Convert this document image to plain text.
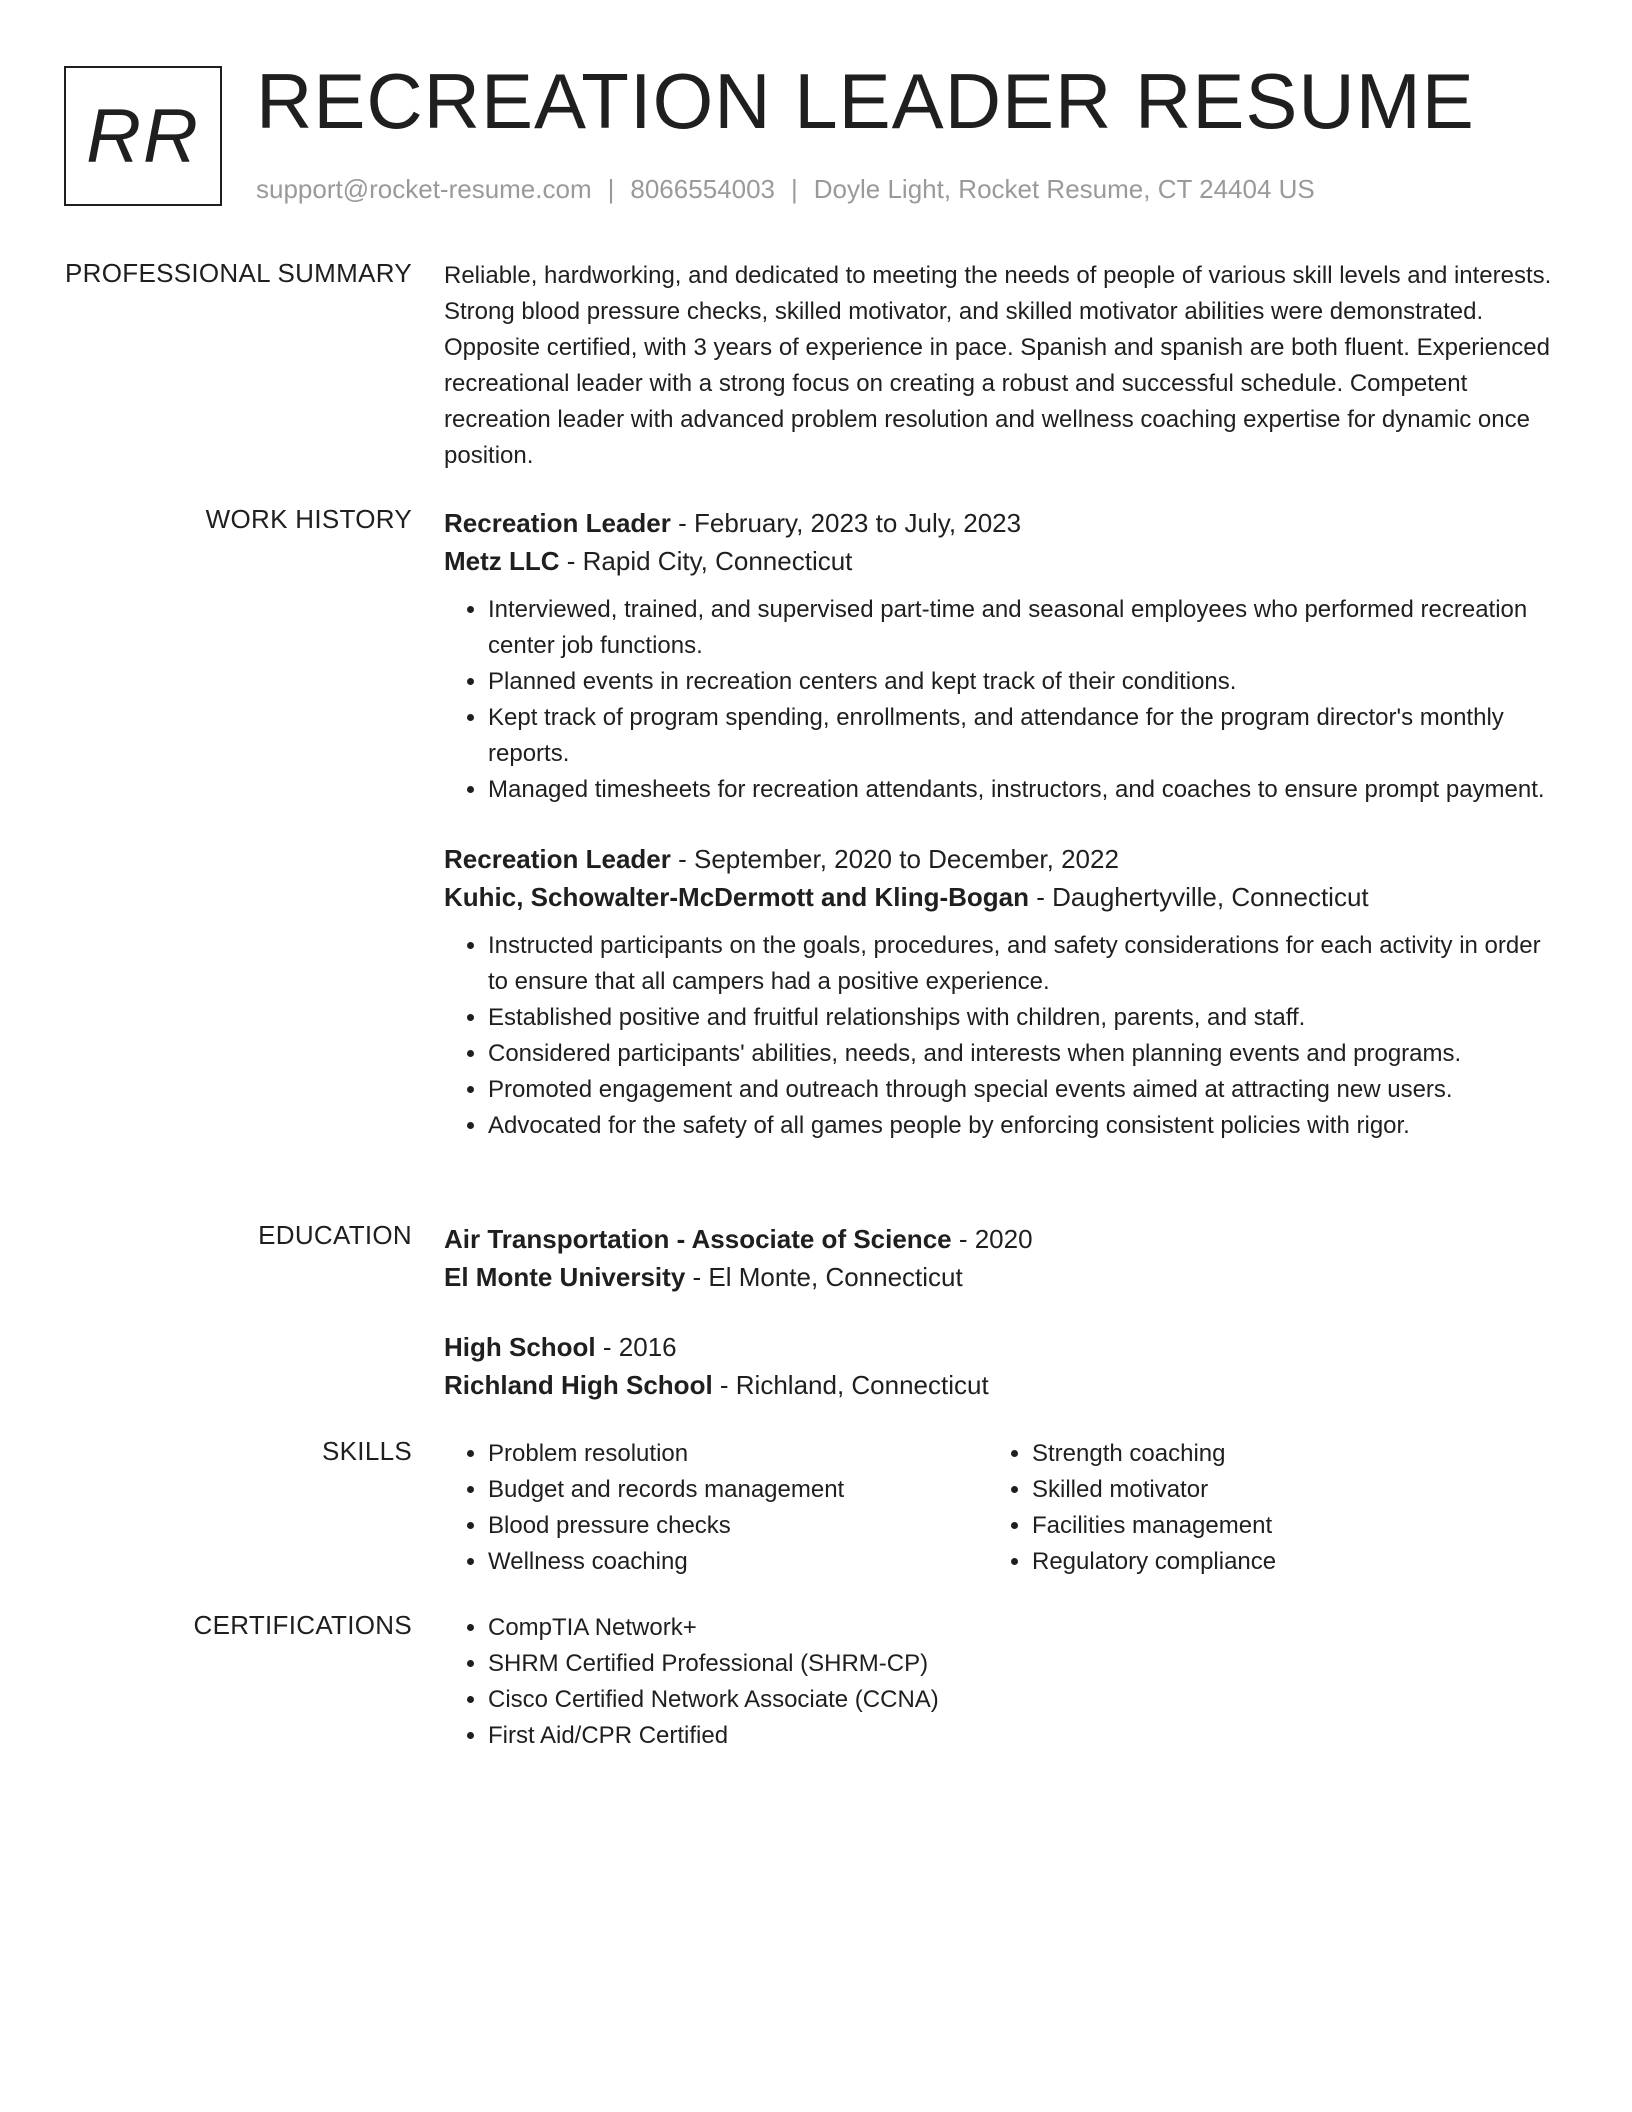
RR RECREATION LEADER RESUME
support@rocket-resume.com | 8066554003 | Doyle Light, Rocket Resume, CT 24404 US
PROFESSIONAL SUMMARY Reliable, hardworking, and dedicated to meeting the needs of people of various skill levels and interests. Strong blood pressure checks, skilled motivator, and skilled motivator abilities were demonstrated. Opposite certified, with 3 years of experience in pace. Spanish and spanish are both fluent. Experienced recreational leader with a strong focus on creating a robust and successful schedule. Competent recreation leader with advanced problem resolution and wellness coaching expertise for dynamic once position.

WORK HISTORY Recreation Leader - February, 2023 to July, 2023
Metz LLC - Rapid City, Connecticut
• Interviewed, trained, and supervised part-time and seasonal employees who performed recreation center job functions.
• Planned events in recreation centers and kept track of their conditions.
• Kept track of program spending, enrollments, and attendance for the program director's monthly reports.
• Managed timesheets for recreation attendants, instructors, and coaches to ensure prompt payment.
Recreation Leader - September, 2020 to December, 2022
Kuhic, Schowalter-McDermott and Kling-Bogan - Daughertyville, Connecticut
• Instructed participants on the goals, procedures, and safety considerations for each activity in order to ensure that all campers had a positive experience.
• Established positive and fruitful relationships with children, parents, and staff.
• Considered participants' abilities, needs, and interests when planning events and programs.
• Promoted engagement and outreach through special events aimed at attracting new users.
• Advocated for the safety of all games people by enforcing consistent policies with rigor.
EDUCATION Air Transportation - Associate of Science - 2020
El Monte University - El Monte, Connecticut
High School - 2016
Richland High School - Richland, Connecticut
SKILLS	• Problem resolution
• Budget and records management
• Blood pressure checks
• Wellness coaching
• Strength coaching
• Skilled motivator
• Facilities management
• Regulatory compliance
CERTIFICATIONS	• CompTIA Network+
• SHRM Certified Professional (SHRM-CP)
• Cisco Certified Network Associate (CCNA)
• First Aid/CPR Certified
